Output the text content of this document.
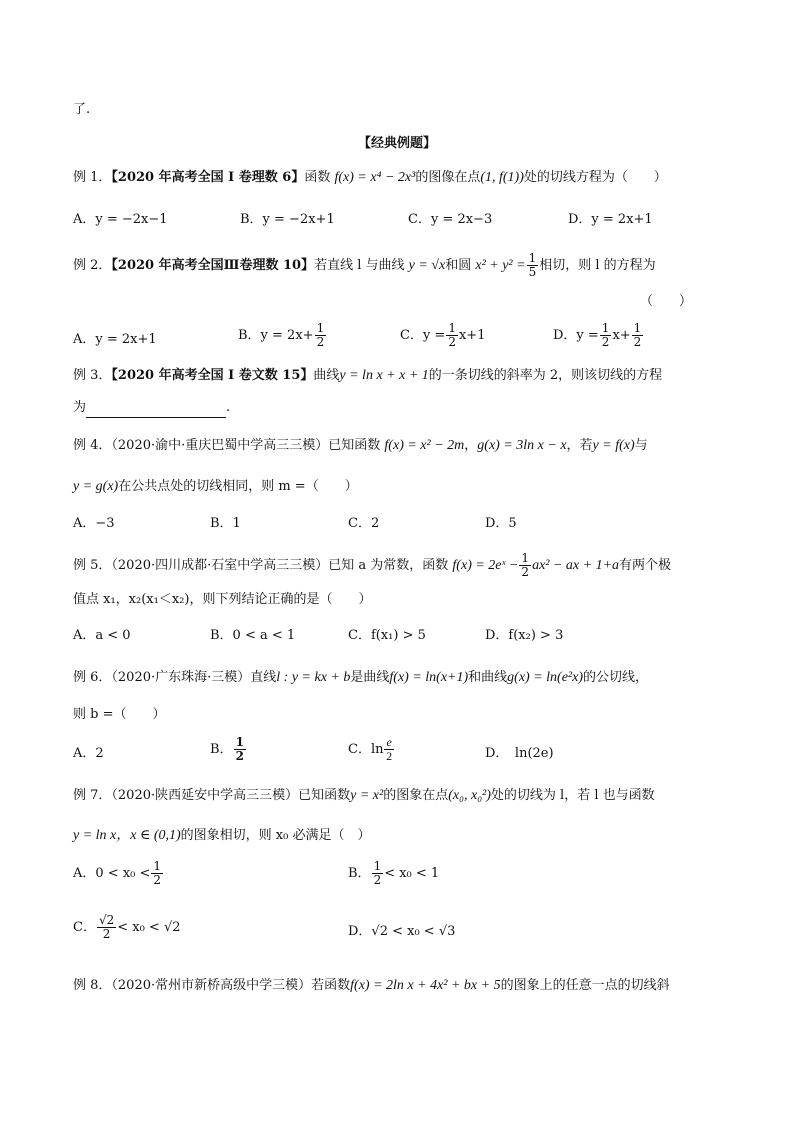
了.
【经典例题】
例 1．【2020 年高考全国 I 卷理数 6】函数 f(x) = x⁴ − 2x³的图像在点(1, f(1))处的切线方程为（　　）
A．y = −2x−1	B．y = −2x+1	C．y = 2x−3	D．y = 2x+1
例 2．【2020 年高考全国Ⅲ卷理数 10】若直线 l 与曲线 y = √x和圆 $x^2 + y^2 = \frac{1}{5}$ 相切，则 l 的方程为
（　　）
A．y = 2x+1	B．$y = 2x+ \frac{1}{2}$	C．$y = \frac{1}{2} x+1$	D．$y = \frac{1}{2} x+ \frac{1}{2}$
例 3．【2020 年高考全国 I 卷文数 15】曲线y = ln x + x + 1的一条切线的斜率为 2，则该切线的方程
为	.
例 4．（2020·渝中·重庆巴蜀中学高三三模）已知函数 f(x) = x² − 2m，g(x) = 3ln x − x，若y = f(x)与
y = g(x)在公共点处的切线相同，则 m =（　　）
A．−3	B．1	C．2	D．5
例 5．（2020·四川成都·石室中学高三三模）已知 a 为常数，函数 f(x) = 2eˣ − $\frac{1}{2} ax^2$ − ax + 1+a有两个极
值点 x₁，x₂(x₁＜x₂)，则下列结论正确的是（　　）
A．a < 0	B．0 < a < 1	C．f(x₁) > 5	D．f(x₂) > 3
例 6．（2020·广东珠海·三模）直线l : y = kx + b是曲线f(x) = ln(x+1)和曲线g(x) = ln(e²x)的公切线，
则 b =（　　）
A．2	B． $\frac{1}{2}$	C．$\ln \frac{e}{2}$	D．　ln(2e)
例 7．（2020·陕西延安中学高三三模）已知函数y = x²的图象在点(x₀, x₀²)处的切线为 l，若 l 也与函数
y = ln x，x ∈ (0,1)的图象相切，则 x₀ 必满足（　）
A．$0 < x_0 < \frac{1}{2}$	B． $\frac{1}{2} < x_0 < 1$
C． $\frac{√2}{2} < x_0 < √2$	D．√2 < x₀ < √3
例 8．（2020·常州市新桥高级中学三模）若函数f(x) = 2ln x + 4x² + bx + 5的图象上的任意一点的切线斜
